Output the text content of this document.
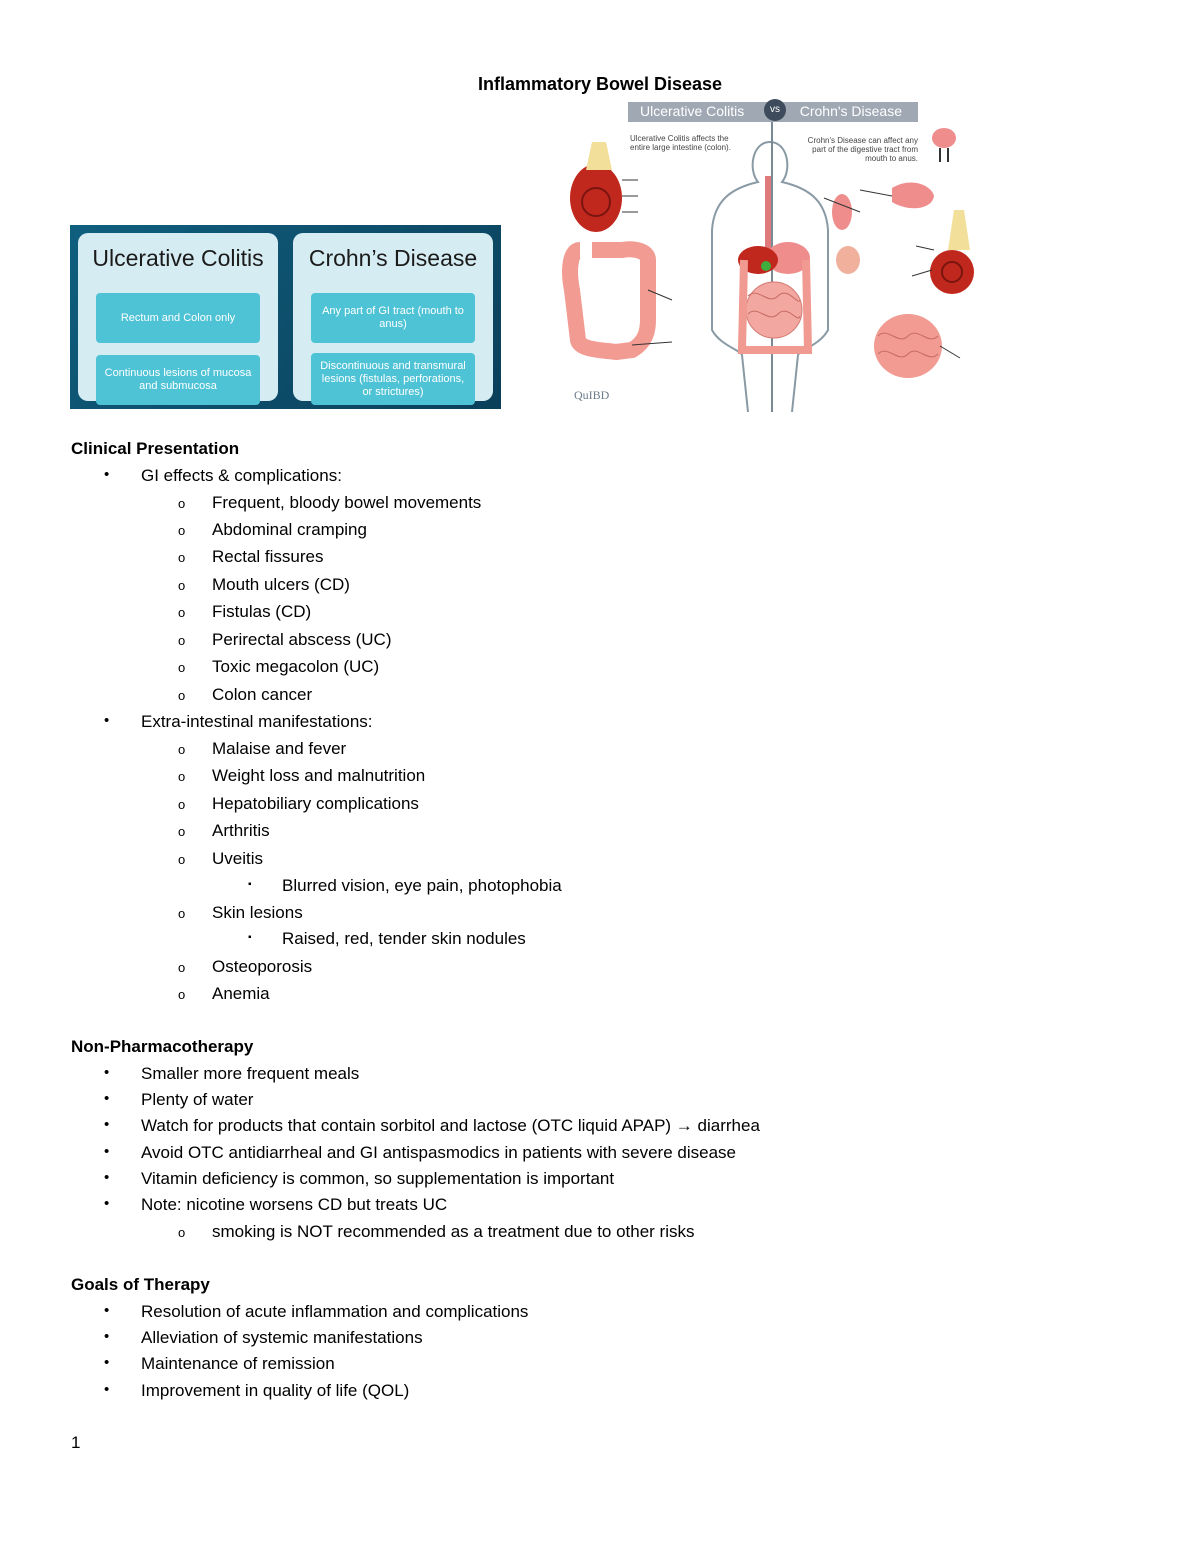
Inflammatory Bowel Disease
Ulcerative Colitis
Rectum and Colon only
Continuous lesions of mucosa and submucosa
Crohn’s Disease
Any part of GI tract (mouth to anus)
Discontinuous and transmural lesions (fistulas, perforations, or strictures)
Ulcerative Colitis	vs	Crohn's Disease
Ulcerative Colitis affects the entire large intestine (colon).
Crohn's Disease can affect any part of the digestive tract from mouth to anus.
QuIBD
Clinical Presentation
• GI effects & complications:
o Frequent, bloody bowel movements
o Abdominal cramping
o Rectal fissures
o Mouth ulcers (CD)
o Fistulas (CD)
o Perirectal abscess (UC)
o Toxic megacolon (UC)
o Colon cancer
• Extra-intestinal manifestations:
o Malaise and fever
o Weight loss and malnutrition
o Hepatobiliary complications
o Arthritis
o Uveitis
▪ Blurred vision, eye pain, photophobia
o Skin lesions
▪ Raised, red, tender skin nodules
o Osteoporosis
o Anemia
Non-Pharmacotherapy
• Smaller more frequent meals
• Plenty of water
• Watch for products that contain sorbitol and lactose (OTC liquid APAP) → diarrhea
• Avoid OTC antidiarrheal and GI antispasmodics in patients with severe disease
• Vitamin deficiency is common, so supplementation is important
• Note: nicotine worsens CD but treats UC
o smoking is NOT recommended as a treatment due to other risks
Goals of Therapy
• Resolution of acute inflammation and complications
• Alleviation of systemic manifestations
• Maintenance of remission
• Improvement in quality of life (QOL)
1
